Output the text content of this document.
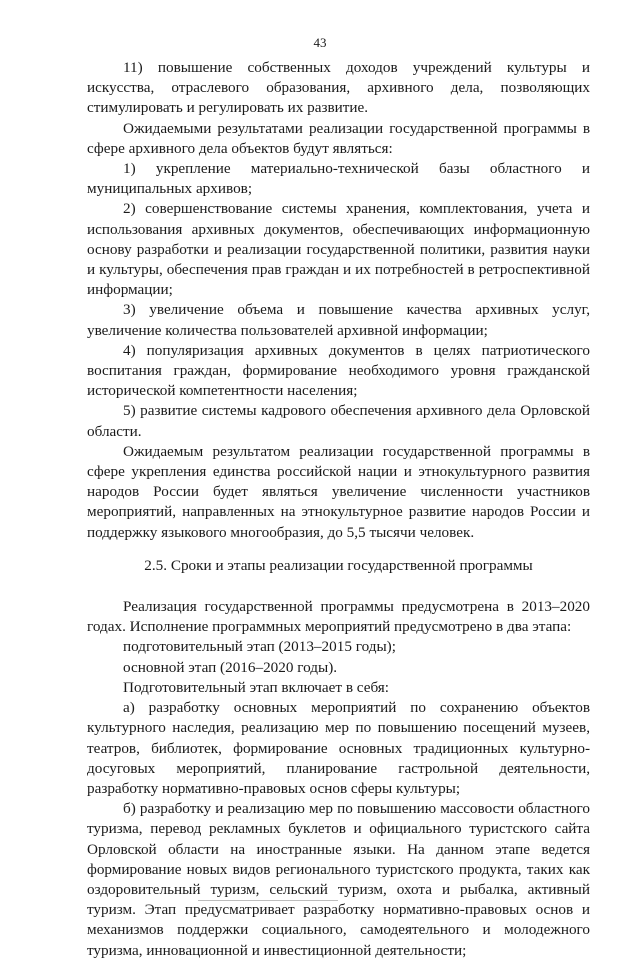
43

11) повышение собственных доходов учреждений культуры и искусства, отраслевого образования, архивного дела, позволяющих стимулировать и регулировать их развитие.

Ожидаемыми результатами реализации государственной программы в сфере архивного дела объектов будут являться:

1) укрепление материально-технической базы областного и муниципальных архивов;

2) совершенствование системы хранения, комплектования, учета и использования архивных документов, обеспечивающих информационную основу разработки и реализации государственной политики, развития науки и культуры, обеспечения прав граждан и их потребностей в ретроспективной информации;

3) увеличение объема и повышение качества архивных услуг, увеличение количества пользователей архивной информации;

4) популяризация архивных документов в целях патриотического воспитания граждан, формирование необходимого уровня гражданской исторической компетентности населения;

5) развитие системы кадрового обеспечения архивного дела Орловской области.

Ожидаемым результатом реализации государственной программы в сфере укрепления единства российской нации и этнокультурного развития народов России будет являться увеличение численности участников мероприятий, направленных на этнокультурное развитие народов России и поддержку языкового многообразия, до 5,5 тысячи человек.

2.5. Сроки и этапы реализации государственной программы

Реализация государственной программы предусмотрена в 2013–2020 годах. Исполнение программных мероприятий предусмотрено в два этапа:

подготовительный этап (2013–2015 годы);

основной этап (2016–2020 годы).

Подготовительный этап включает в себя:

а) разработку основных мероприятий по сохранению объектов культурного наследия, реализацию мер по повышению посещений музеев, театров, библиотек, формирование основных традиционных культурно-досуговых мероприятий, планирование гастрольной деятельности, разработку нормативно-правовых основ сферы культуры;

б) разработку и реализацию мер по повышению массовости областного туризма, перевод рекламных буклетов и официального туристского сайта Орловской области на иностранные языки. На данном этапе ведется формирование новых видов регионального туристского продукта, таких как оздоровительный туризм, сельский туризм, охота и рыбалка, активный туризм. Этап предусматривает разработку нормативно-правовых основ и механизмов поддержки социального, самодеятельного и молодежного туризма, инновационной и инвестиционной деятельности;
